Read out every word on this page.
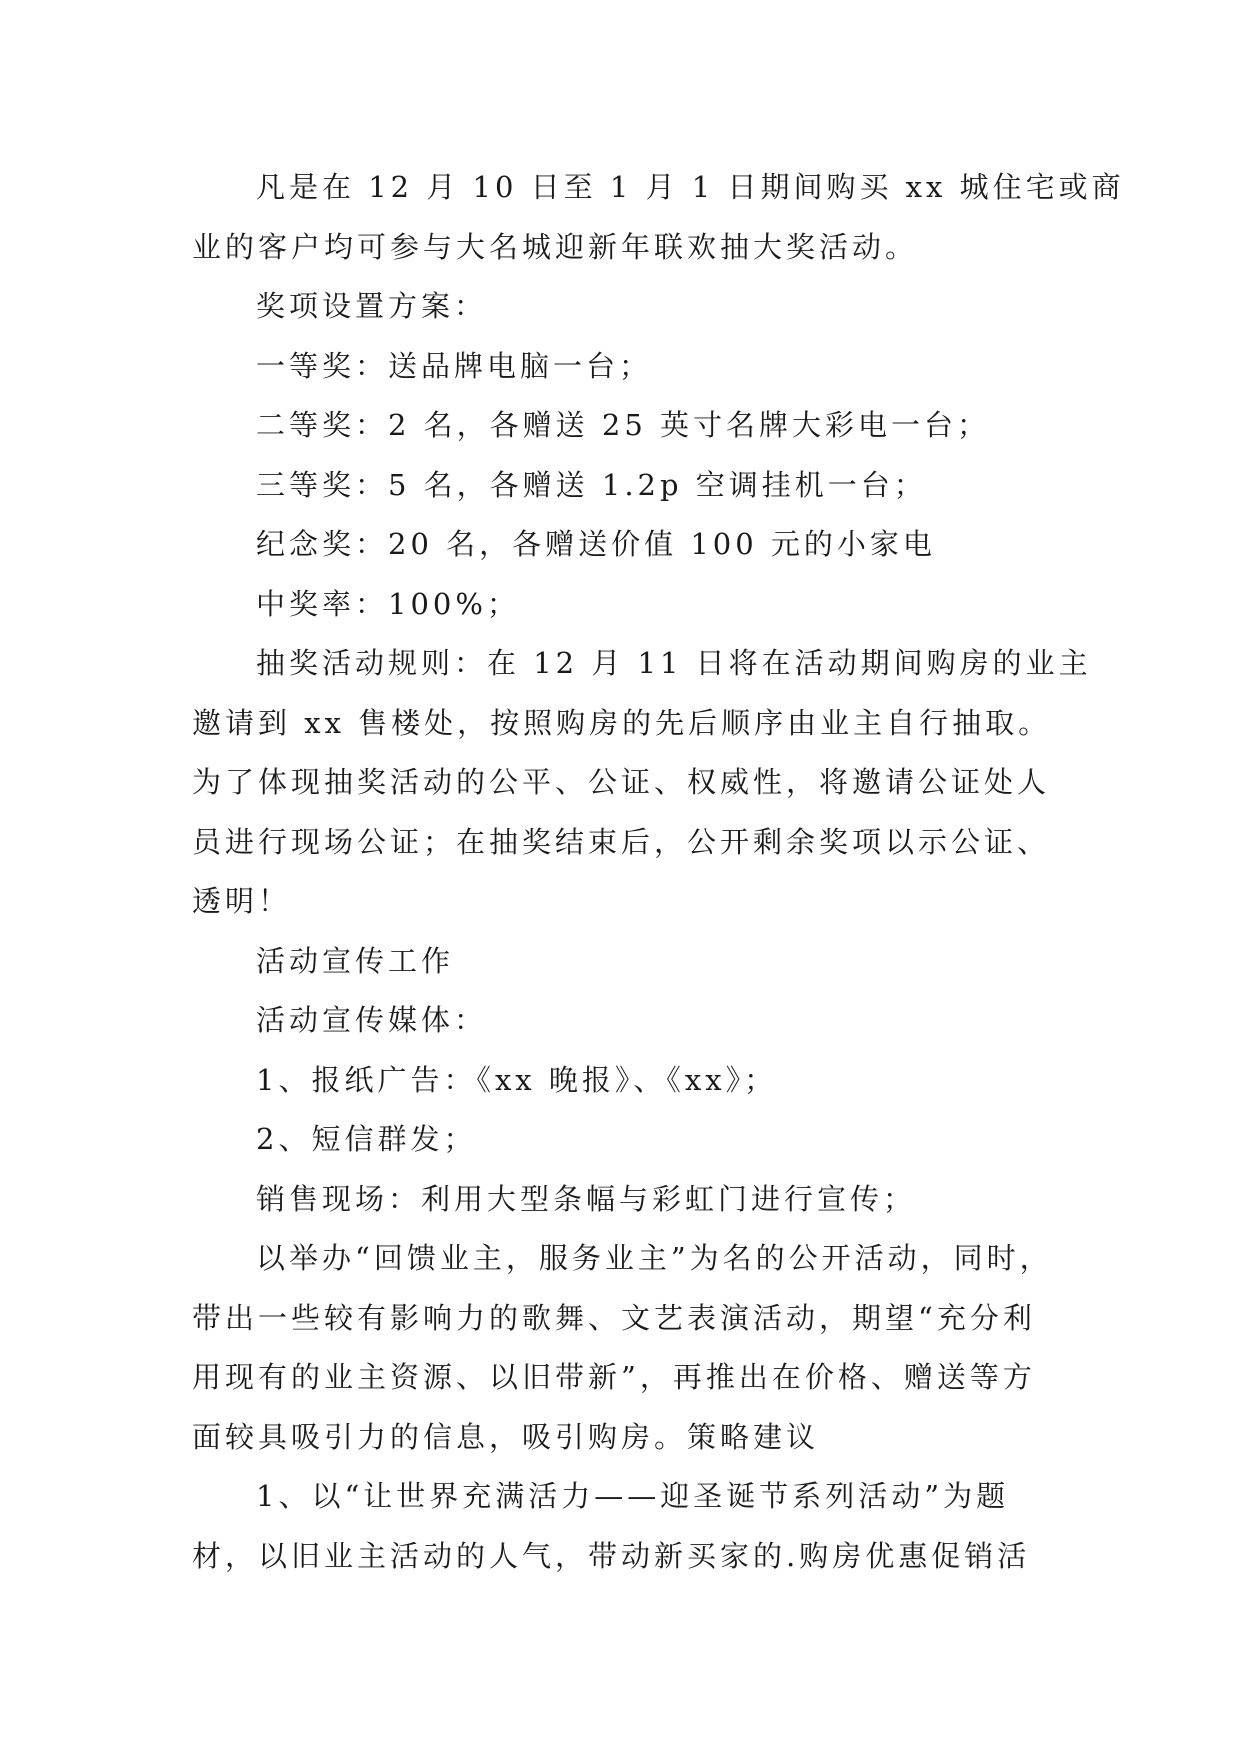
凡是在 12 月 10 日至 1 月 1 日期间购买 xx 城住宅或商
业的客户均可参与大名城迎新年联欢抽大奖活动。
奖项设置方案：
一等奖：送品牌电脑一台；
二等奖：2 名，各赠送 25 英寸名牌大彩电一台；
三等奖：5 名，各赠送 1.2p 空调挂机一台；
纪念奖：20 名，各赠送价值 100 元的小家电
中奖率：100%；
抽奖活动规则：在 12 月 11 日将在活动期间购房的业主
邀请到 xx 售楼处，按照购房的先后顺序由业主自行抽取。
为了体现抽奖活动的公平、公证、权威性，将邀请公证处人
员进行现场公证；在抽奖结束后，公开剩余奖项以示公证、
透明！
活动宣传工作
活动宣传媒体：
1、报纸广告：《xx 晚报》、《xx》；
2、短信群发；
销售现场：利用大型条幅与彩虹门进行宣传；
以举办“回馈业主，服务业主”为名的公开活动，同时，
带出一些较有影响力的歌舞、文艺表演活动，期望“充分利
用现有的业主资源、以旧带新”，再推出在价格、赠送等方
面较具吸引力的信息，吸引购房。策略建议
1、以“让世界充满活力——迎圣诞节系列活动”为题
材，以旧业主活动的人气，带动新买家的.购房优惠促销活
